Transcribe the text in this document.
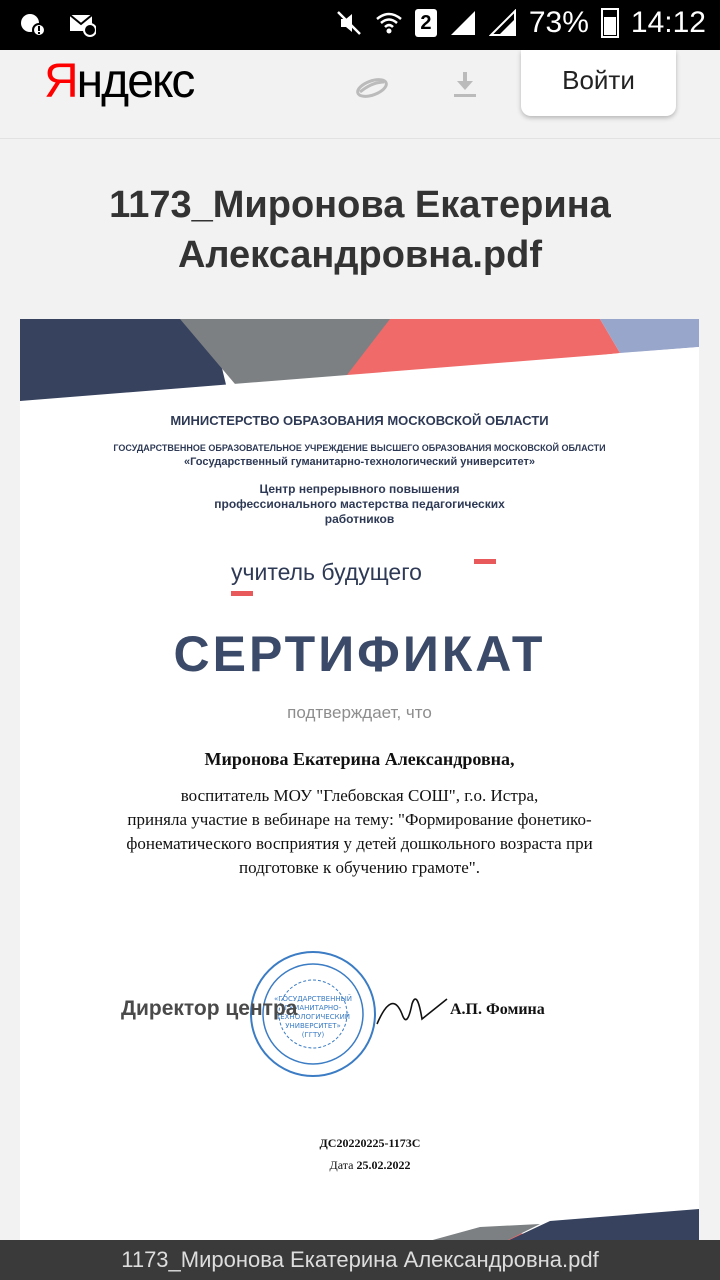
2	73% 14:12
Яндекс	Войти
1173_Миронова Екатерина Александровна.pdf
МИНИСТЕРСТВО ОБРАЗОВАНИЯ МОСКОВСКОЙ ОБЛАСТИ
ГОСУДАРСТВЕННОЕ ОБРАЗОВАТЕЛЬНОЕ УЧРЕЖДЕНИЕ ВЫСШЕГО ОБРАЗОВАНИЯ МОСКОВСКОЙ ОБЛАСТИ
«Государственный гуманитарно-технологический университет»
Центр непрерывного повышения
профессионального мастерства педагогических
работников
учитель будущего
СЕРТИФИКАТ
подтверждает, что
Миронова Екатерина Александровна,
воспитатель МОУ "Глебовская СОШ", г.о. Истра,
приняла участие в вебинаре на тему: "Формирование фонетико-
фонематического восприятия у детей дошкольного возраста при
подготовке к обучению грамоте".
«ГОСУДАРСТВЕННЫЙ
ГУМАНИТАРНО-
ТЕХНОЛОГИЧЕСКИЙ
УНИВЕРСИТЕТ»
(ГГТУ)
Директор центра	А.П. Фомина
ДС20220225-1173С
Дата 25.02.2022
1173_Миронова Екатерина Александровна.pdf
